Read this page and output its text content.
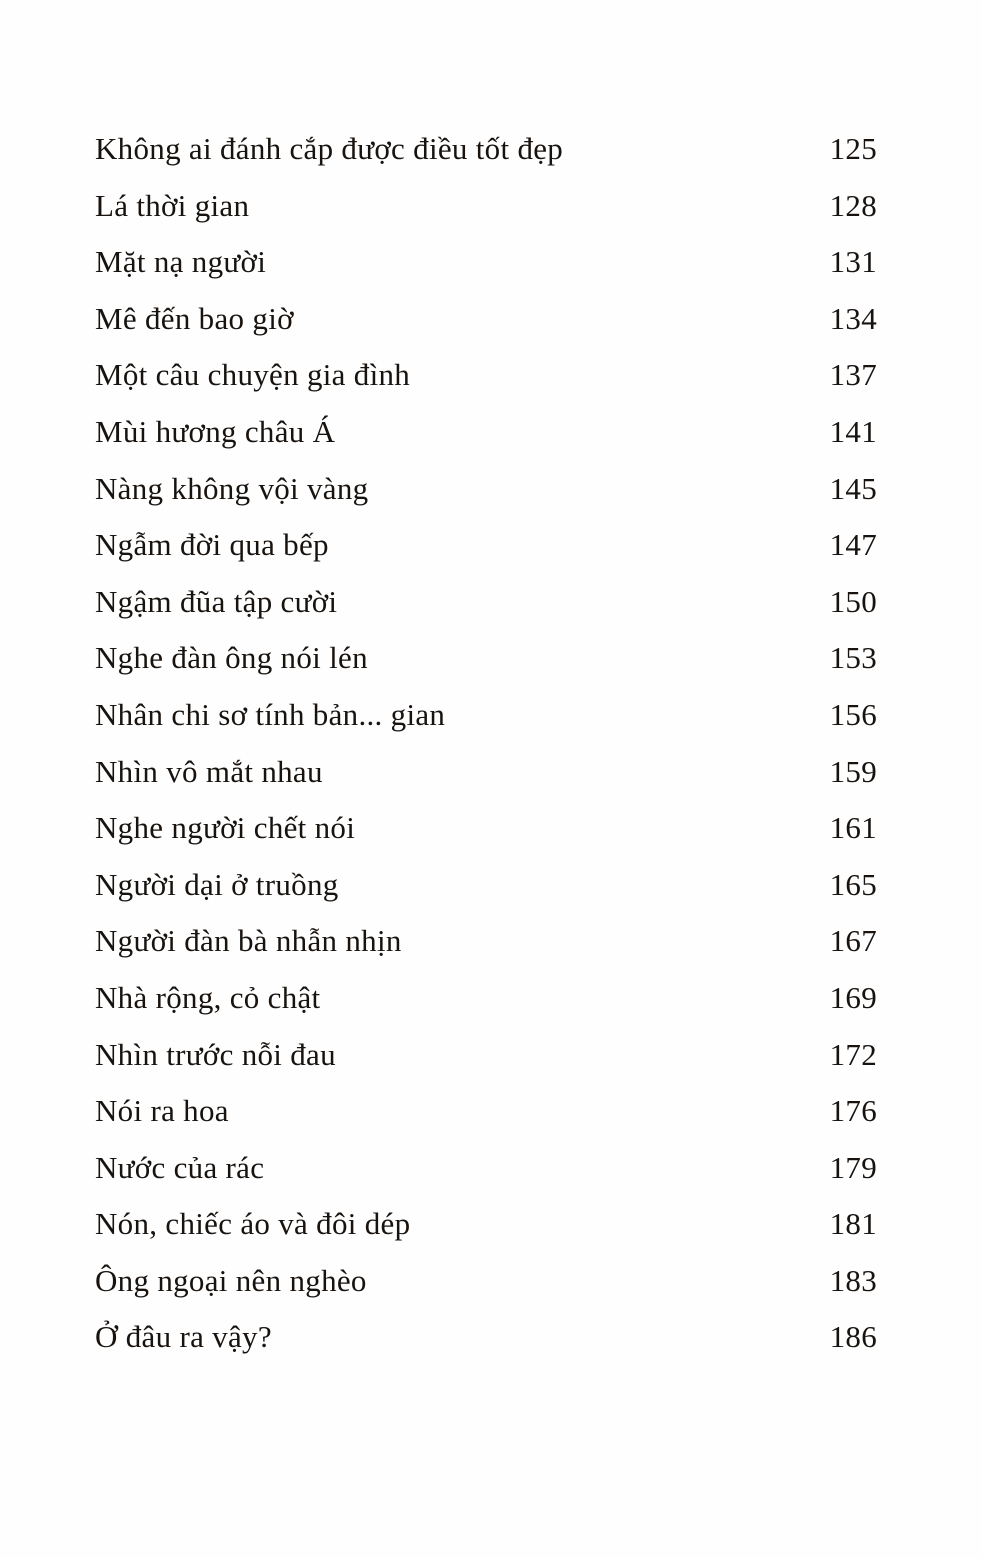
Không ai đánh cắp được điều tốt đẹp	125
Lá thời gian	128
Mặt nạ người	131
Mê đến bao giờ	134
Một câu chuyện gia đình	137
Mùi hương châu Á	141
Nàng không vội vàng	145
Ngẫm đời qua bếp	147
Ngậm đũa tập cười	150
Nghe đàn ông nói lén	153
Nhân chi sơ tính bản... gian	156
Nhìn vô mắt nhau	159
Nghe người chết nói	161
Người dại ở truồng	165
Người đàn bà nhẫn nhịn	167
Nhà rộng, cỏ chật	169
Nhìn trước nỗi đau	172
Nói ra hoa	176
Nước của rác	179
Nón, chiếc áo và đôi dép	181
Ông ngoại nên nghèo	183
Ở đâu ra vậy?	186
